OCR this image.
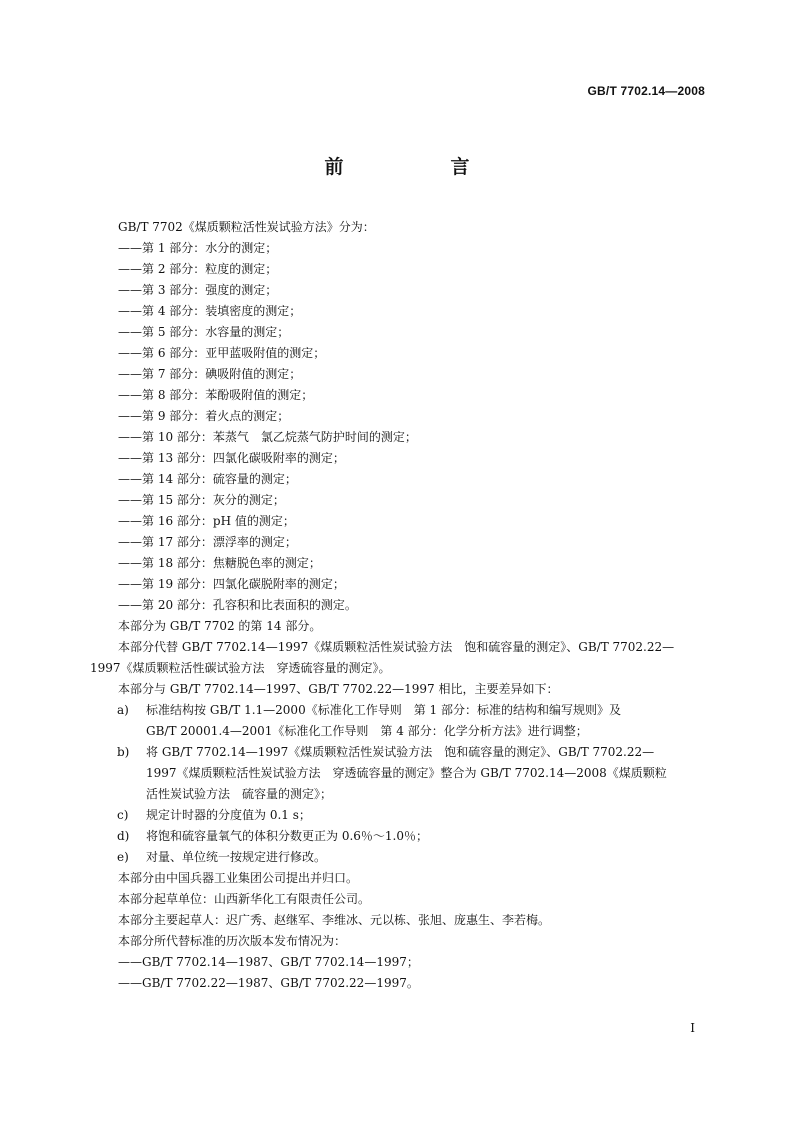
GB/T 7702.14—2008
前　言
GB/T 7702《煤质颗粒活性炭试验方法》分为：
——第 1 部分：水分的测定；
——第 2 部分：粒度的测定；
——第 3 部分：强度的测定；
——第 4 部分：装填密度的测定；
——第 5 部分：水容量的测定；
——第 6 部分：亚甲蓝吸附值的测定；
——第 7 部分：碘吸附值的测定；
——第 8 部分：苯酚吸附值的测定；
——第 9 部分：着火点的测定；
——第 10 部分：苯蒸气　氯乙烷蒸气防护时间的测定；
——第 13 部分：四氯化碳吸附率的测定；
——第 14 部分：硫容量的测定；
——第 15 部分：灰分的测定；
——第 16 部分：pH 值的测定；
——第 17 部分：漂浮率的测定；
——第 18 部分：焦糖脱色率的测定；
——第 19 部分：四氯化碳脱附率的测定；
——第 20 部分：孔容积和比表面积的测定。
本部分为 GB/T 7702 的第 14 部分。
本部分代替 GB/T 7702.14—1997《煤质颗粒活性炭试验方法　饱和硫容量的测定》、GB/T 7702.22—
1997《煤质颗粒活性碳试验方法　穿透硫容量的测定》。
本部分与 GB/T 7702.14—1997、GB/T 7702.22—1997 相比，主要差异如下：
a) 标准结构按 GB/T 1.1—2000《标准化工作导则　第 1 部分：标准的结构和编写规则》及
GB/T 20001.4—2001《标准化工作导则　第 4 部分：化学分析方法》进行调整；
b) 将 GB/T 7702.14—1997《煤质颗粒活性炭试验方法　饱和硫容量的测定》、GB/T 7702.22—
1997《煤质颗粒活性炭试验方法　穿透硫容量的测定》整合为 GB/T 7702.14—2008《煤质颗粒
活性炭试验方法　硫容量的测定》；
c) 规定计时器的分度值为 0.1 s；
d) 将饱和硫容量氧气的体积分数更正为 0.6％～1.0％；
e) 对量、单位统一按规定进行修改。
本部分由中国兵器工业集团公司提出并归口。
本部分起草单位：山西新华化工有限责任公司。
本部分主要起草人：迟广秀、赵继军、李维冰、元以栋、张旭、庞惠生、李若梅。
本部分所代替标准的历次版本发布情况为：
——GB/T 7702.14—1987、GB/T 7702.14—1997；
——GB/T 7702.22—1987、GB/T 7702.22—1997。
I
